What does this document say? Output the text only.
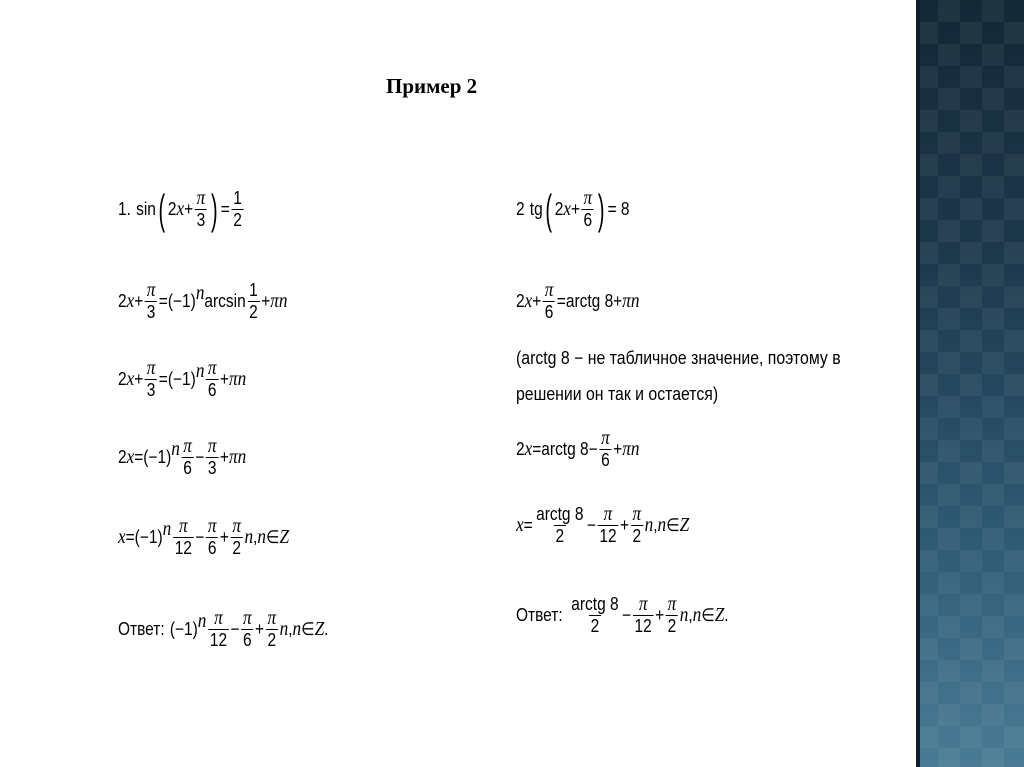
Пример 2
1. sin ( 2 $x + \frac{\pi}{3}$ ) = $\frac{1}{2}$
2 $x + \frac{\pi}{3} =(-1)$ $^n$ $\arcsin \frac{1}{2} + \pi n$
2 $x + \frac{\pi}{3} =(-1)$ $^n \frac{\pi}{6} + \pi n$
2 x =(−1) $^n \frac{\pi}{6} - \frac{\pi}{3} + \pi n$
x =(−1) $^n \frac{\pi}{12} - \frac{\pi}{6} + \frac{\pi}{2}$ n , n ∈ Z
Ответ: (−1) $^n \frac{\pi}{12} - \frac{\pi}{6} + \frac{\pi}{2}$ n , n ∈ Z .
2 tg ( 2 $x + \frac{\pi}{6}$ ) = 8
2 $x + \frac{\pi}{6}$ =arctg 8+ πn
(arctg 8 − не табличное значение, поэтому в
решении он так и остается)
2 x =arctg $8- \frac{\pi}{6} + \pi n$
$x = \frac{\text{arctg 8}}{2} - \frac{\pi}{12} + \frac{\pi}{2}$ n , n ∈ Z
Ответ: $\frac{\text{arctg 8}}{2} - \frac{\pi}{12} + \frac{\pi}{2}$ n , n ∈ Z .
